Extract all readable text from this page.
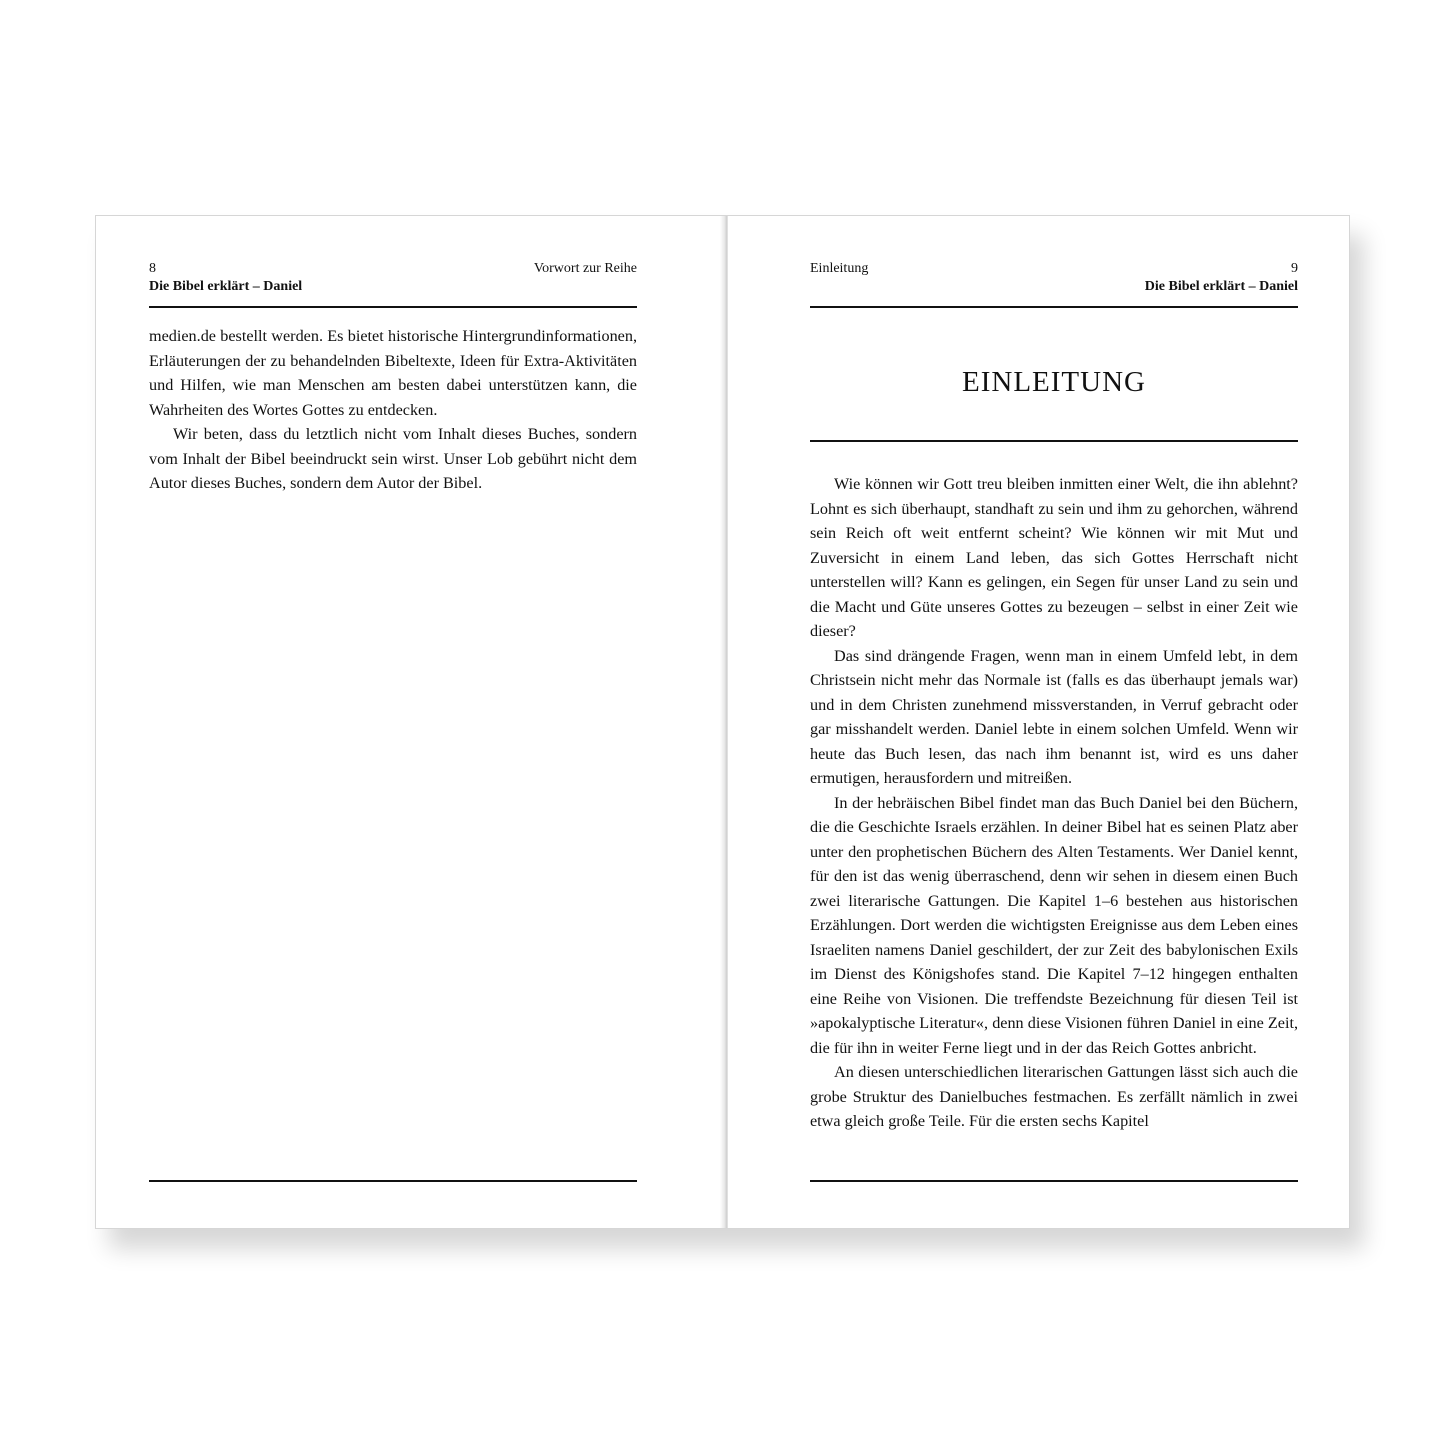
8	Vorwort zur Reihe
Die Bibel erklärt – Daniel

medien.de bestellt werden. Es bietet historische Hintergrundinformationen, Erläuterungen der zu behandelnden Bibeltexte, Ideen für Extra-Aktivitäten und Hilfen, wie man Menschen am besten dabei unterstützen kann, die Wahrheiten des Wortes Gottes zu entdecken.

Wir beten, dass du letztlich nicht vom Inhalt dieses Buches, sondern vom Inhalt der Bibel beeindruckt sein wirst. Unser Lob gebührt nicht dem Autor dieses Buches, sondern dem Autor der Bibel.

Einleitung	9
Die Bibel erklärt – Daniel
EINLEITUNG

Wie können wir Gott treu bleiben inmitten einer Welt, die ihn ablehnt? Lohnt es sich überhaupt, standhaft zu sein und ihm zu gehorchen, während sein Reich oft weit entfernt scheint? Wie können wir mit Mut und Zuversicht in einem Land leben, das sich Gottes Herrschaft nicht unterstellen will? Kann es gelingen, ein Segen für unser Land zu sein und die Macht und Güte unseres Gottes zu bezeugen – selbst in einer Zeit wie dieser?

Das sind drängende Fragen, wenn man in einem Umfeld lebt, in dem Christsein nicht mehr das Normale ist (falls es das überhaupt jemals war) und in dem Christen zunehmend missverstanden, in Verruf gebracht oder gar misshandelt werden. Daniel lebte in einem solchen Umfeld. Wenn wir heute das Buch lesen, das nach ihm benannt ist, wird es uns daher ermutigen, herausfordern und mitreißen.

In der hebräischen Bibel findet man das Buch Daniel bei den Büchern, die die Geschichte Israels erzählen. In deiner Bibel hat es seinen Platz aber unter den prophetischen Büchern des Alten Testaments. Wer Daniel kennt, für den ist das wenig überraschend, denn wir sehen in diesem einen Buch zwei literarische Gattungen. Die Kapitel 1–6 bestehen aus historischen Erzählungen. Dort werden die wichtigsten Ereignisse aus dem Leben eines Israeliten namens Daniel geschildert, der zur Zeit des babylonischen Exils im Dienst des Königshofes stand. Die Kapitel 7–12 hingegen enthalten eine Reihe von Visionen. Die treffendste Bezeichnung für diesen Teil ist »apokalyptische Literatur«, denn diese Visionen führen Daniel in eine Zeit, die für ihn in weiter Ferne liegt und in der das Reich Gottes anbricht.

An diesen unterschiedlichen literarischen Gattungen lässt sich auch die grobe Struktur des Danielbuches festmachen. Es zerfällt nämlich in zwei etwa gleich große Teile. Für die ersten sechs Kapitel
